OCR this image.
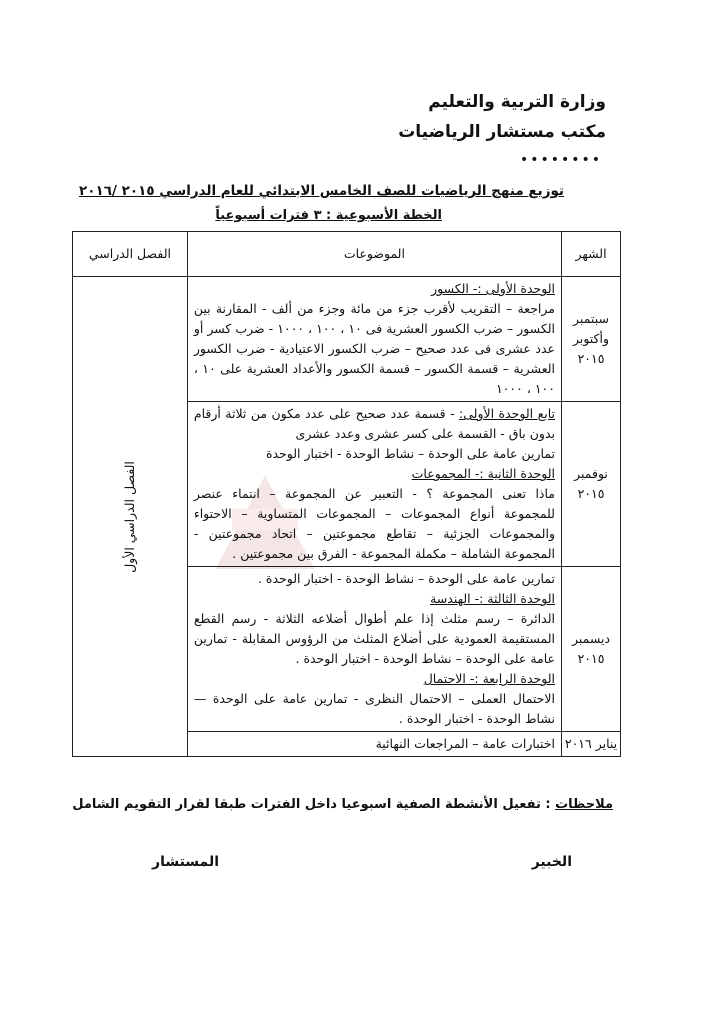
وزارة التربية والتعليم
مكتب مستشار الرياضيات
••••••••
توزيع منهج الرياضيات للصف الخامس الابتدائي للعام الدراسي ٢٠١٥ /٢٠١٦
الخطة الأسبوعية : ٣ فترات أسبوعياً
الشهر	الموضوعات	الفصل الدراسي
سبتمبر وأكتوبر ٢٠١٥	الوحدة الأولى :- الكسور
مراجعة – التقريب لأقرب جزء من مائة وجزء من ألف - المقارنة بين الكسور – ضرب الكسور العشرية فى ١٠ ، ١٠٠ ، ١٠٠٠ - ضرب كسر أو عدد عشرى فى عدد صحيح – ضرب الكسور الاعتيادية - ضرب الكسور العشرية – قسمة الكسور – قسمة الكسور والأعداد العشرية على ١٠ ، ١٠٠ ، ١٠٠٠	الفصل الدراسي الأول
نوفمبر ٢٠١٥	تابع الوحدة الأولى: - قسمة عدد صحيح على عدد مكون من ثلاثة أرقام بدون باق - القسمة على كسر عشرى وعدد عشرى
تمارين عامة على الوحدة – نشاط الوحدة - اختبار الوحدة
الوحدة الثانية :- المجموعات
ماذا تعنى المجموعة ؟ - التعبير عن المجموعة – انتماء عنصر للمجموعة أنواع المجموعات – المجموعات المتساوية – الاحتواء والمجموعات الجزئية – تقاطع مجموعتين – اتحاد مجموعتين - المجموعة الشاملة – مكملة المجموعة - الفرق بين مجموعتين .	

ديسمبر ٢٠١٥	تمارين عامة على الوحدة – نشاط الوحدة - اختبار الوحدة .
الوحدة الثالثة :- الهندسة
الدائرة – رسم مثلث إذا علم أطوال أضلاعه الثلاثة - رسم القطع المستقيمة العمودية على أضلاع المثلث من الرؤوس المقابلة - تمارين عامة على الوحدة – نشاط الوحدة - اختبار الوحدة .
الوحدة الرابعة :- الاحتمال
الاحتمال العملى – الاحتمال النظرى - تمارين عامة على الوحدة — نشاط الوحدة - اختبار الوحدة .	

يناير ٢٠١٦	اختبارات عامة – المراجعات النهائية	
ملاحظات : تفعيل الأنشطة الصفية اسبوعيا داخل الفترات طبقا لقرار التقويم الشامل
الخبير
المستشار
